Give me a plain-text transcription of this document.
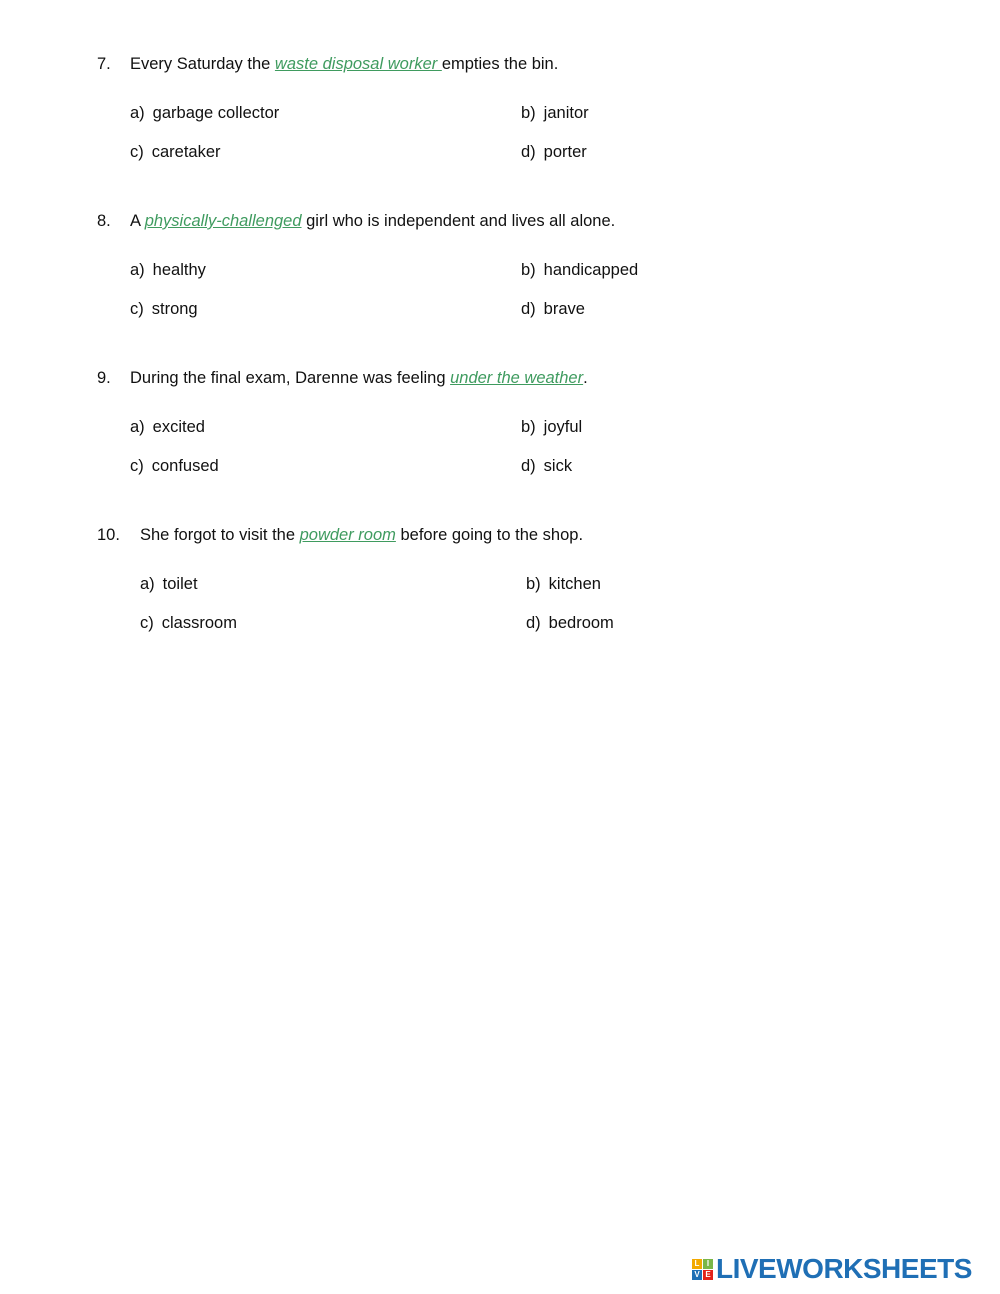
7. Every Saturday the waste disposal worker empties the bin.
a) garbage collector	b) janitor
c) caretaker	d) porter
8. A physically-challenged girl who is independent and lives all alone.
a) healthy	b) handicapped
c) strong	d) brave
9. During the final exam, Darenne was feeling under the weather.
a) excited	b) joyful
c) confused	d) sick
10. She forgot to visit the powder room before going to the shop.
a) toilet	b) kitchen
c) classroom	d) bedroom
L I
V E LIVEWORKSHEETS
